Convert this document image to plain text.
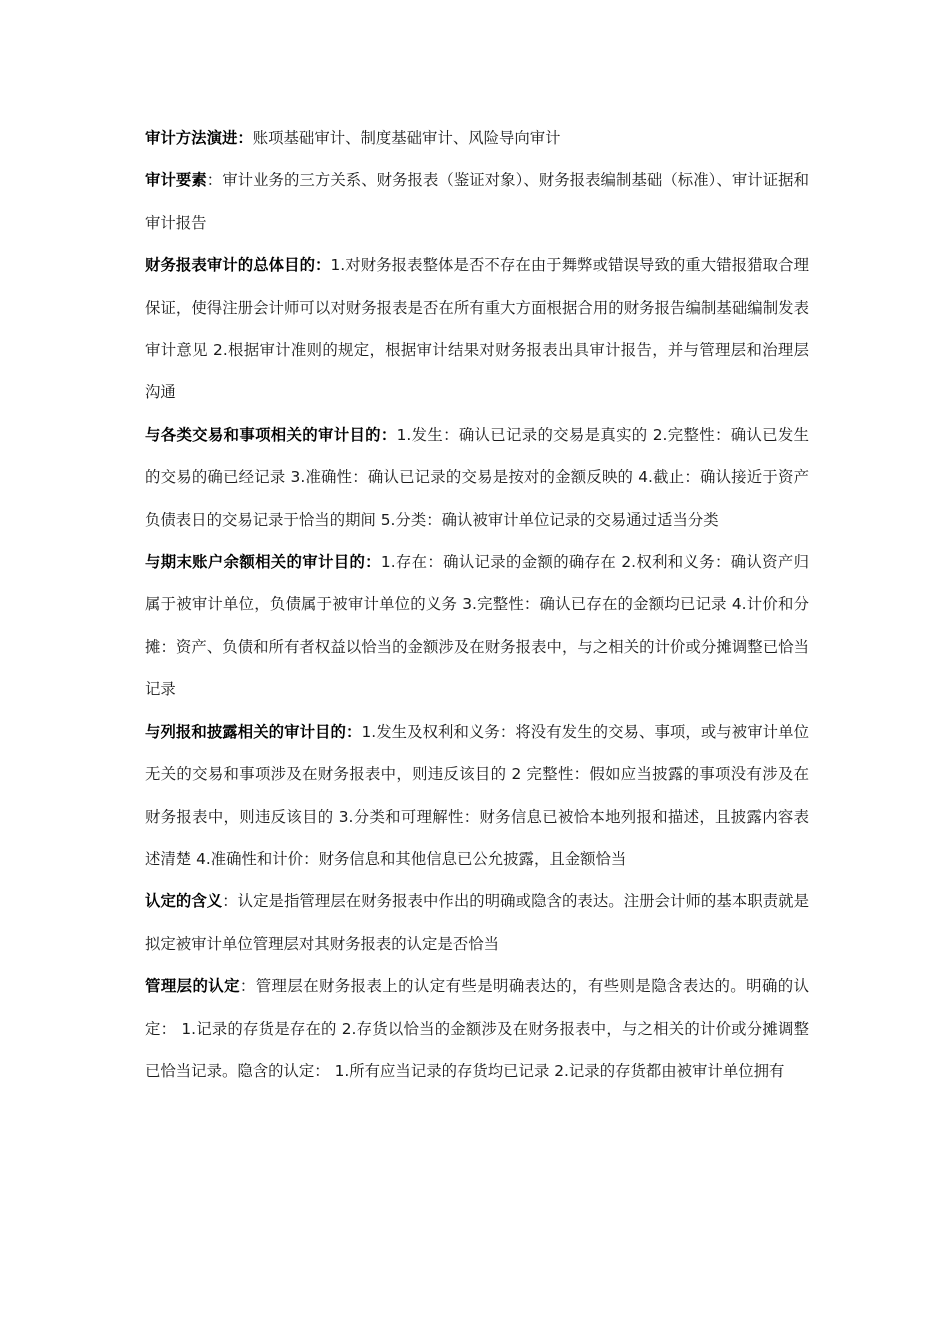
审计方法演进：账项基础审计、制度基础审计、风险导向审计

审计要素：审计业务的三方关系、财务报表（鉴证对象）、财务报表编制基础（标准）、审计证据和审计报告

财务报表审计的总体目的：1.对财务报表整体是否不存在由于舞弊或错误导致的重大错报猎取合理保证，使得注册会计师可以对财务报表是否在所有重大方面根据合用的财务报告编制基础编制发表审计意见 2.根据审计准则的规定，根据审计结果对财务报表出具审计报告，并与管理层和治理层沟通

与各类交易和事项相关的审计目的：1.发生：确认已记录的交易是真实的 2.完整性：确认已发生的交易的确已经记录 3.准确性：确认已记录的交易是按对的金额反映的 4.截止：确认接近于资产负债表日的交易记录于恰当的期间 5.分类：确认被审计单位记录的交易通过适当分类

与期末账户余额相关的审计目的：1.存在：确认记录的金额的确存在 2.权利和义务：确认资产归属于被审计单位，负债属于被审计单位的义务 3.完整性：确认已存在的金额均已记录 4.计价和分摊：资产、负债和所有者权益以恰当的金额涉及在财务报表中，与之相关的计价或分摊调整已恰当记录

与列报和披露相关的审计目的：1.发生及权利和义务：将没有发生的交易、事项，或与被审计单位无关的交易和事项涉及在财务报表中，则违反该目的 2 完整性：假如应当披露的事项没有涉及在财务报表中，则违反该目的 3.分类和可理解性：财务信息已被恰本地列报和描述，且披露内容表述清楚 4.准确性和计价：财务信息和其他信息已公允披露，且金额恰当

认定的含义：认定是指管理层在财务报表中作出的明确或隐含的表达。注册会计师的基本职责就是拟定被审计单位管理层对其财务报表的认定是否恰当

管理层的认定：管理层在财务报表上的认定有些是明确表达的，有些则是隐含表达的。明确的认定： 1.记录的存货是存在的 2.存货以恰当的金额涉及在财务报表中，与之相关的计价或分摊调整已恰当记录。隐含的认定： 1.所有应当记录的存货均已记录 2.记录的存货都由被审计单位拥有
